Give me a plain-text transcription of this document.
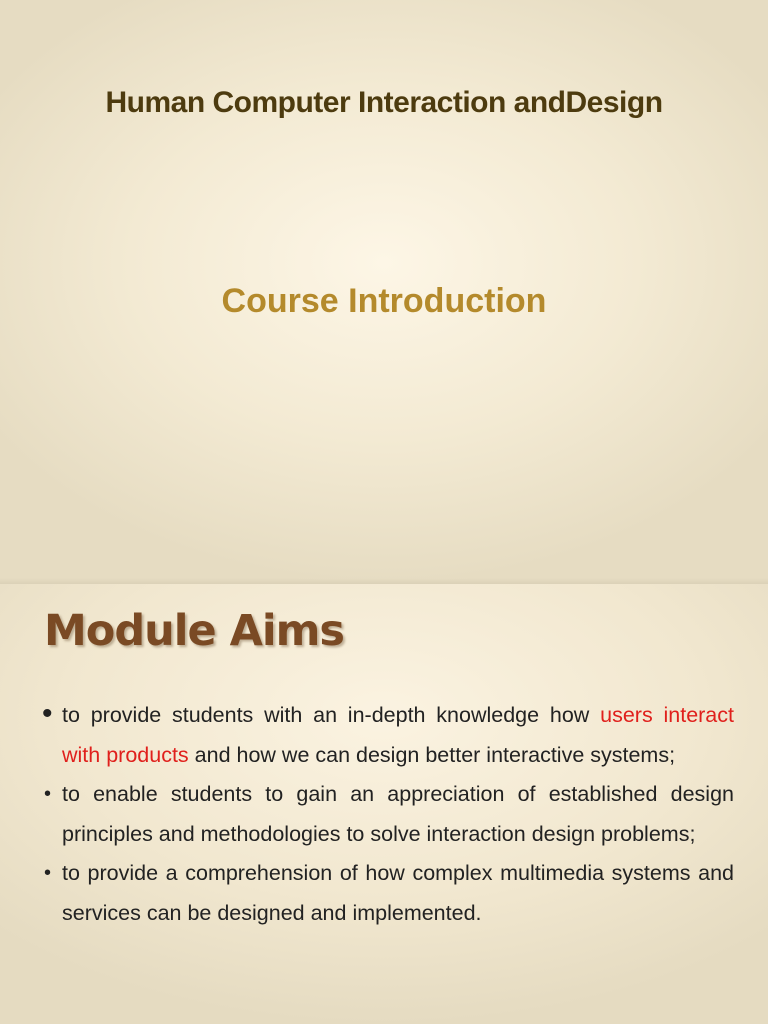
Human Computer Interaction andDesign
Course Introduction
Module Aims
• to provide students with an in-depth knowledge how users interact with products and how we can design better interactive systems;
• to enable students to gain an appreciation of established design principles and methodologies to solve interaction design problems;
• to provide a comprehension of how complex multimedia systems and services can be designed and implemented.
